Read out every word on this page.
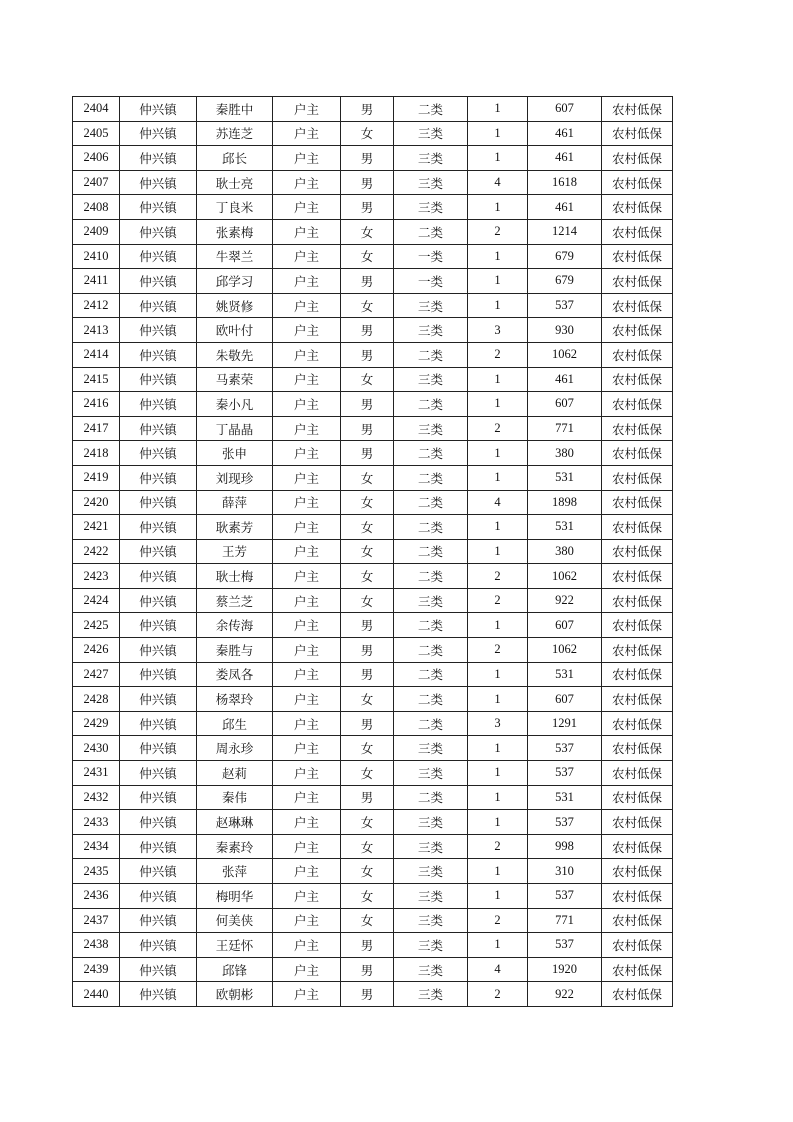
2404	仲兴镇	秦胜中	户主	男	二类	1	607	农村低保
2405	仲兴镇	苏连芝	户主	女	三类	1	461	农村低保
2406	仲兴镇	邱长	户主	男	三类	1	461	农村低保
2407	仲兴镇	耿士亮	户主	男	三类	4	1618	农村低保
2408	仲兴镇	丁良米	户主	男	三类	1	461	农村低保
2409	仲兴镇	张素梅	户主	女	二类	2	1214	农村低保
2410	仲兴镇	牛翠兰	户主	女	一类	1	679	农村低保
2411	仲兴镇	邱学习	户主	男	一类	1	679	农村低保
2412	仲兴镇	姚贤修	户主	女	三类	1	537	农村低保
2413	仲兴镇	欧叶付	户主	男	三类	3	930	农村低保
2414	仲兴镇	朱敬先	户主	男	二类	2	1062	农村低保
2415	仲兴镇	马素荣	户主	女	三类	1	461	农村低保
2416	仲兴镇	秦小凡	户主	男	二类	1	607	农村低保
2417	仲兴镇	丁晶晶	户主	男	三类	2	771	农村低保
2418	仲兴镇	张申	户主	男	二类	1	380	农村低保
2419	仲兴镇	刘现珍	户主	女	二类	1	531	农村低保
2420	仲兴镇	薛萍	户主	女	二类	4	1898	农村低保
2421	仲兴镇	耿素芳	户主	女	二类	1	531	农村低保
2422	仲兴镇	王芳	户主	女	二类	1	380	农村低保
2423	仲兴镇	耿士梅	户主	女	二类	2	1062	农村低保
2424	仲兴镇	蔡兰芝	户主	女	三类	2	922	农村低保
2425	仲兴镇	余传海	户主	男	二类	1	607	农村低保
2426	仲兴镇	秦胜与	户主	男	二类	2	1062	农村低保
2427	仲兴镇	娄凤各	户主	男	二类	1	531	农村低保
2428	仲兴镇	杨翠玲	户主	女	二类	1	607	农村低保
2429	仲兴镇	邱生	户主	男	二类	3	1291	农村低保
2430	仲兴镇	周永珍	户主	女	三类	1	537	农村低保
2431	仲兴镇	赵莉	户主	女	三类	1	537	农村低保
2432	仲兴镇	秦伟	户主	男	二类	1	531	农村低保
2433	仲兴镇	赵琳琳	户主	女	三类	1	537	农村低保
2434	仲兴镇	秦素玲	户主	女	三类	2	998	农村低保
2435	仲兴镇	张萍	户主	女	三类	1	310	农村低保
2436	仲兴镇	梅明华	户主	女	三类	1	537	农村低保
2437	仲兴镇	何美侠	户主	女	三类	2	771	农村低保
2438	仲兴镇	王廷怀	户主	男	三类	1	537	农村低保
2439	仲兴镇	邱锋	户主	男	三类	4	1920	农村低保
2440	仲兴镇	欧朝彬	户主	男	三类	2	922	农村低保
